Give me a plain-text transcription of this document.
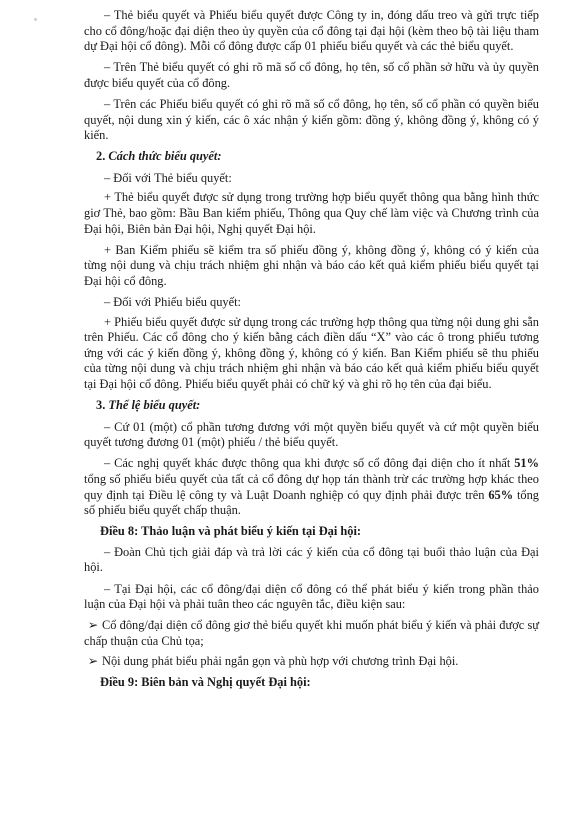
– Thẻ biểu quyết và Phiếu biểu quyết được Công ty in, đóng dấu treo và gửi trực tiếp cho cổ đông/hoặc đại diện theo ủy quyền của cổ đông tại đại hội (kèm theo bộ tài liệu tham dự Đại hội cổ đông). Mỗi cổ đông được cấp 01 phiếu biểu quyết và các thẻ biểu quyết.

– Trên Thẻ biểu quyết có ghi rõ mã số cổ đông, họ tên, số cổ phần sở hữu và ủy quyền được biểu quyết của cổ đông.

– Trên các Phiếu biểu quyết có ghi rõ mã số cổ đông, họ tên, số cổ phần có quyền biểu quyết, nội dung xin ý kiến, các ô xác nhận ý kiến gồm: đồng ý, không đồng ý, không có ý kiến.

2. Cách thức biểu quyết:

– Đối với Thẻ biểu quyết:

+ Thẻ biểu quyết được sử dụng trong trường hợp biểu quyết thông qua bằng hình thức giơ Thẻ, bao gồm: Bầu Ban kiểm phiếu, Thông qua Quy chế làm việc và Chương trình của Đại hội, Biên bản Đại hội, Nghị quyết Đại hội.

+ Ban Kiểm phiếu sẽ kiểm tra số phiếu đồng ý, không đồng ý, không có ý kiến của từng nội dung và chịu trách nhiệm ghi nhận và báo cáo kết quả kiểm phiếu biểu quyết tại Đại hội cổ đông.

– Đối với Phiếu biểu quyết:

+ Phiếu biểu quyết được sử dụng trong các trường hợp thông qua từng nội dung ghi sẵn trên Phiếu. Các cổ đông cho ý kiến bằng cách điền dấu “X” vào các ô trong phiếu tương ứng với các ý kiến đồng ý, không đồng ý, không có ý kiến. Ban Kiểm phiếu sẽ thu phiếu của từng nội dung và chịu trách nhiệm ghi nhận và báo cáo kết quả kiểm phiếu biểu quyết tại Đại hội cổ đông. Phiếu biểu quyết phải có chữ ký và ghi rõ họ tên của đại biểu.

3. Thể lệ biểu quyết:

– Cứ 01 (một) cổ phần tương đương với một quyền biểu quyết và cứ một quyền biểu quyết tương đương 01 (một) phiếu / thẻ biểu quyết.

– Các nghị quyết khác được thông qua khi được số cổ đông đại diện cho ít nhất 51% tổng số phiếu biểu quyết của tất cả cổ đông dự họp tán thành trừ các trường hợp khác theo quy định tại Điều lệ công ty và Luật Doanh nghiệp có quy định phải được trên 65% tổng số phiếu biểu quyết chấp thuận.

Điều 8: Thảo luận và phát biểu ý kiến tại Đại hội:

– Đoàn Chủ tịch giải đáp và trả lời các ý kiến của cổ đông tại buổi thảo luận của Đại hội.

– Tại Đại hội, các cổ đông/đại diện cổ đông có thể phát biểu ý kiến trong phần thảo luận của Đại hội và phải tuân theo các nguyên tắc, điều kiện sau:

➢ Cổ đông/đại diện cổ đông giơ thẻ biểu quyết khi muốn phát biểu ý kiến và phải được sự chấp thuận của Chủ tọa;

➢ Nội dung phát biểu phải ngắn gọn và phù hợp với chương trình Đại hội.

Điều 9: Biên bản và Nghị quyết Đại hội:
